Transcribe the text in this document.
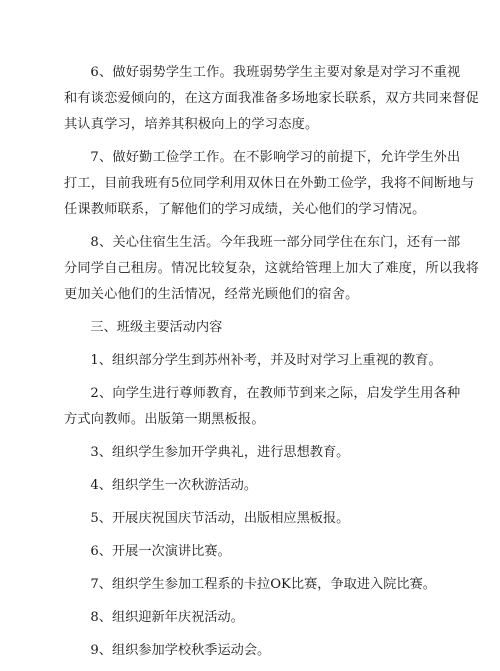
6、做好弱势学生工作。我班弱势学生主要对象是对学习不重视
和有谈恋爱倾向的，在这方面我准备多场地家长联系，双方共同来督促
其认真学习，培养其积极向上的学习态度。
7、做好勤工俭学工作。在不影响学习的前提下，允许学生外出
打工，目前我班有5位同学利用双休日在外勤工俭学，我将不间断地与
任课教师联系，了解他们的学习成绩，关心他们的学习情况。
8、关心住宿生生活。今年我班一部分同学住在东门，还有一部
分同学自己租房。情况比较复杂，这就给管理上加大了难度，所以我将
更加关心他们的生活情况，经常光顾他们的宿舍。
三、班级主要活动内容
1、组织部分学生到苏州补考，并及时对学习上重视的教育。
2、向学生进行尊师教育，在教师节到来之际，启发学生用各种
方式向教师。出版第一期黑板报。
3、组织学生参加开学典礼，进行思想教育。
4、组织学生一次秋游活动。
5、开展庆祝国庆节活动，出版相应黑板报。
6、开展一次演讲比赛。
7、组织学生参加工程系的卡拉OK比赛，争取进入院比赛。
8、组织迎新年庆祝活动。
9、组织参加学校秋季运动会。
